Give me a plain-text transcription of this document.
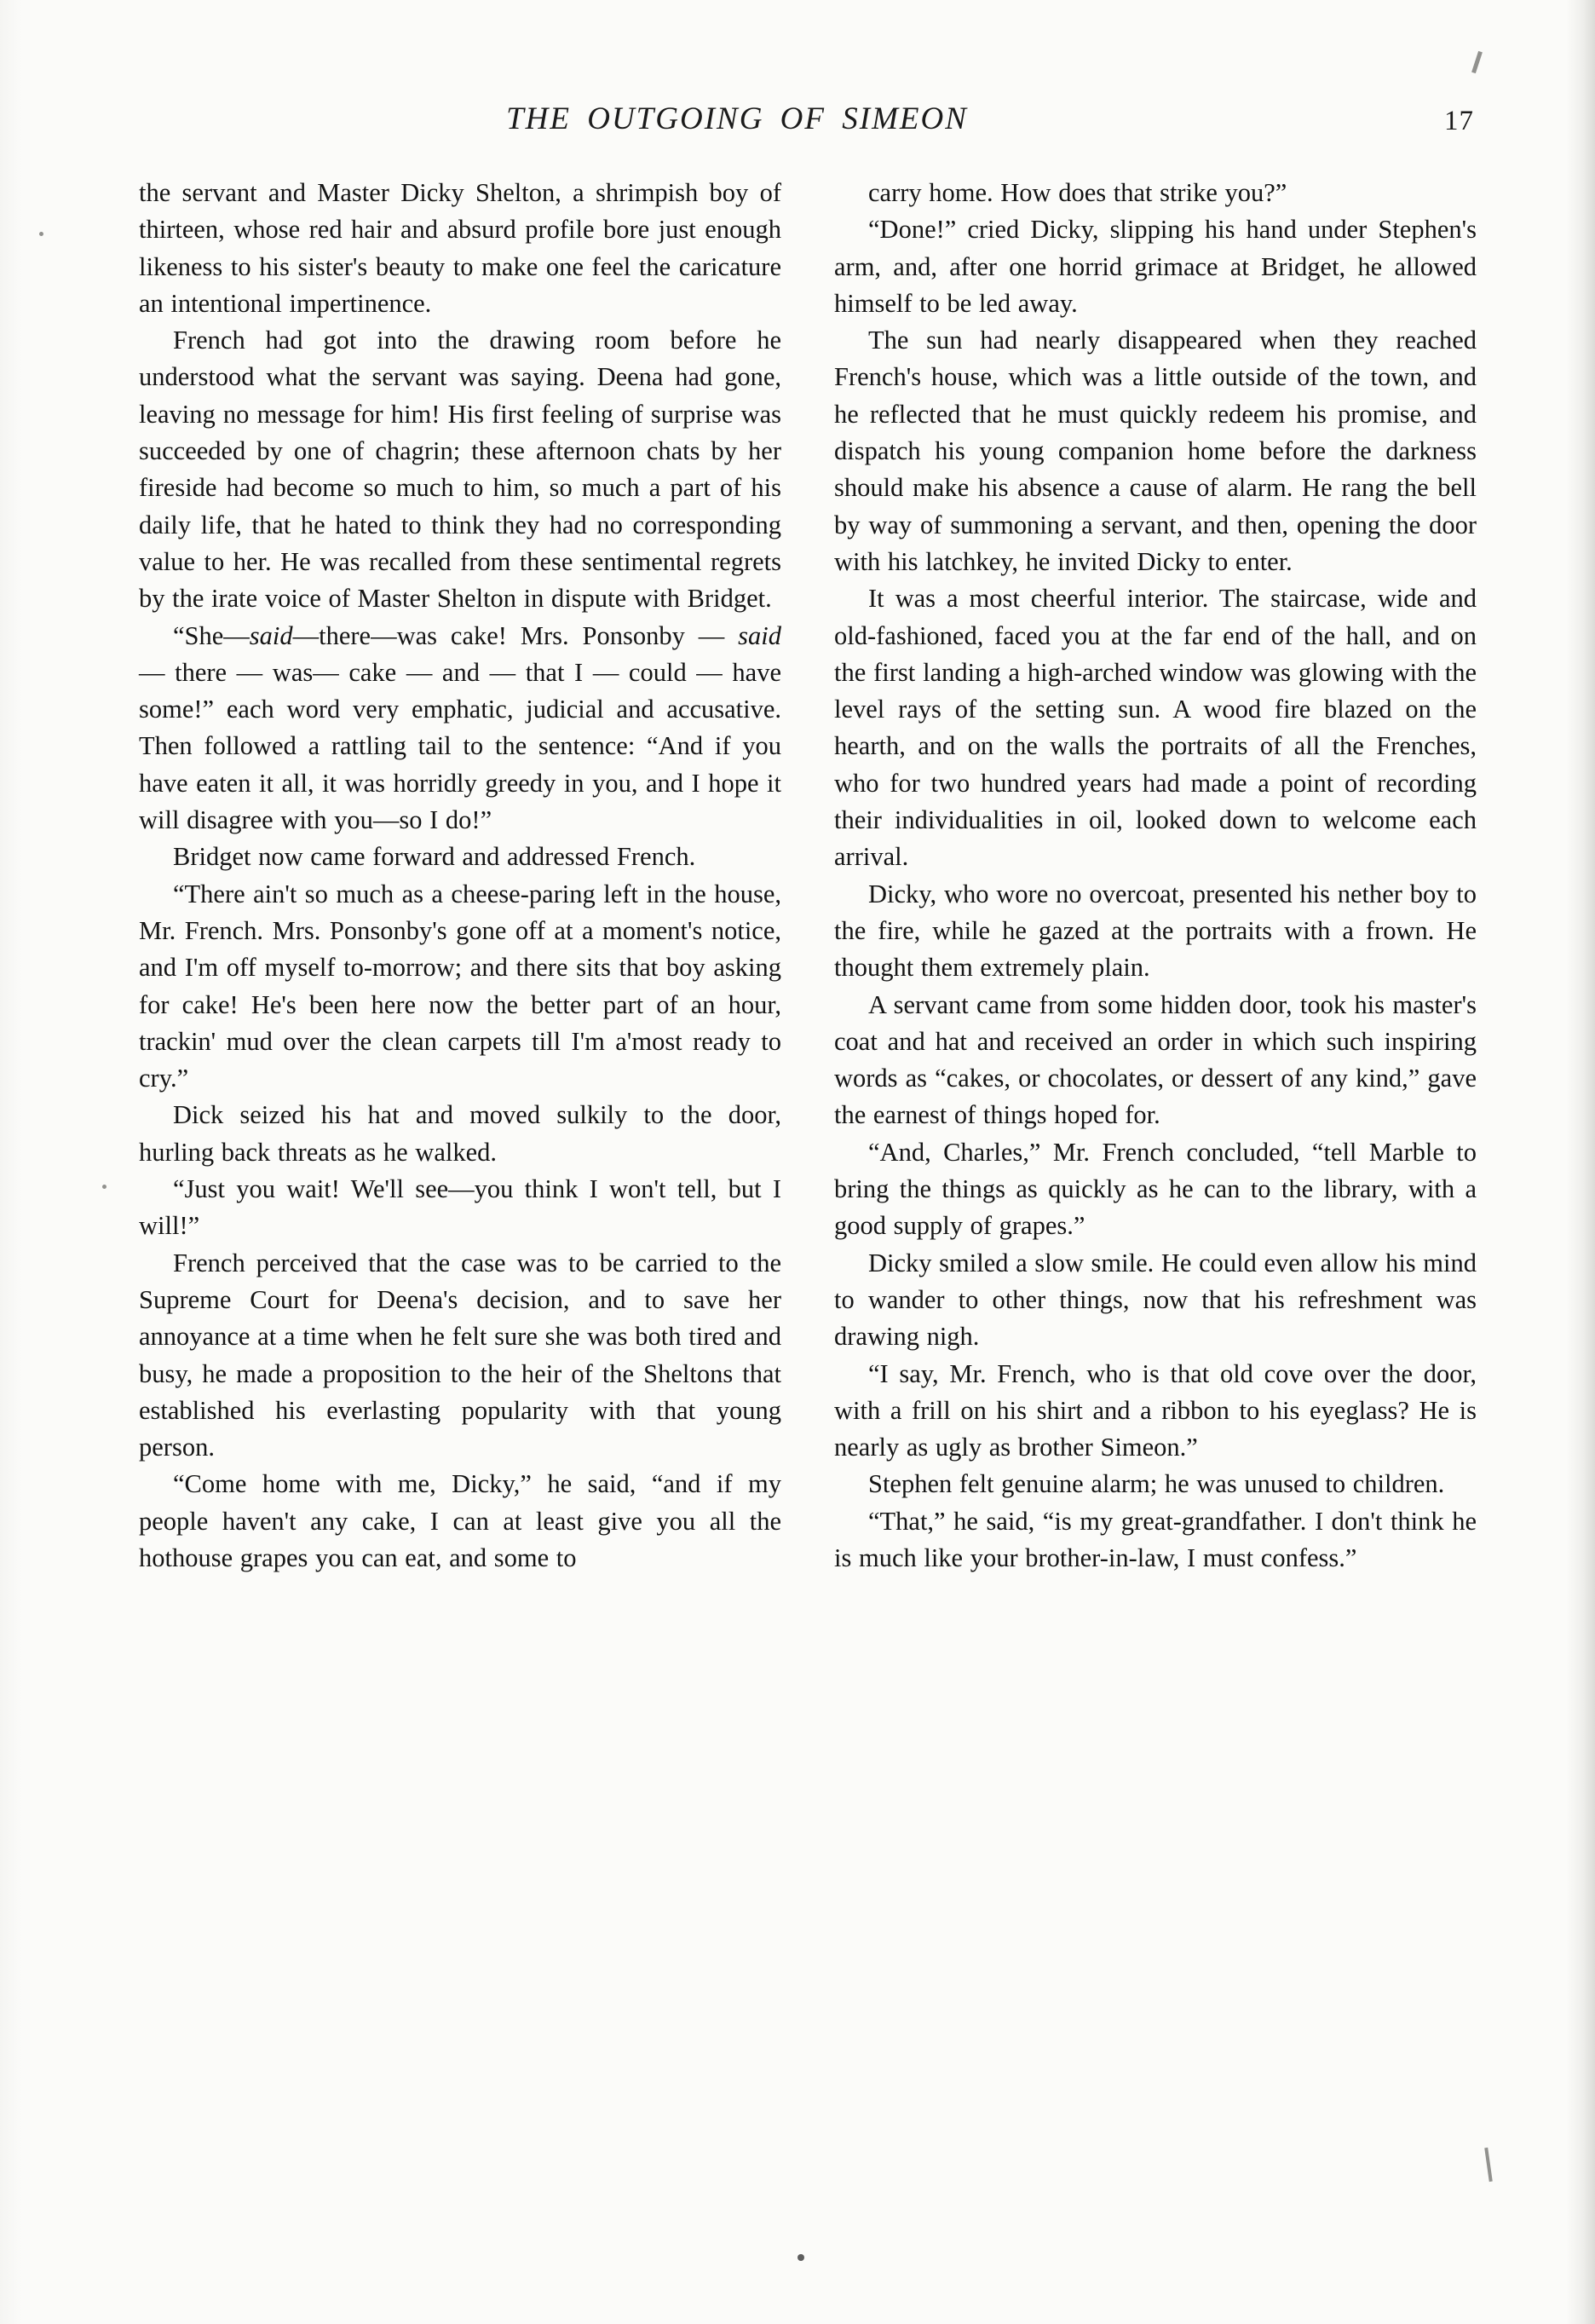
THE OUTGOING OF SIMEON	17

the servant and Master Dicky Shelton, a shrimpish boy of thirteen, whose red hair and absurd profile bore just enough likeness to his sister's beauty to make one feel the caricature an intentional impertinence.

French had got into the drawing room before he understood what the servant was saying. Deena had gone, leaving no message for him! His first feeling of surprise was succeeded by one of chagrin; these afternoon chats by her fireside had become so much to him, so much a part of his daily life, that he hated to think they had no corresponding value to her. He was recalled from these sentimental regrets by the irate voice of Master Shelton in dispute with Bridget.

“She—said—there—was cake! Mrs. Ponsonby — said — there — was— cake — and — that I — could — have some!” each word very emphatic, judicial and accusative. Then followed a rattling tail to the sentence: “And if you have eaten it all, it was horridly greedy in you, and I hope it will disagree with you—so I do!”

Bridget now came forward and addressed French.

“There ain't so much as a cheese-paring left in the house, Mr. French. Mrs. Ponsonby's gone off at a moment's notice, and I'm off myself to-morrow; and there sits that boy asking for cake! He's been here now the better part of an hour, trackin' mud over the clean carpets till I'm a'most ready to cry.”

Dick seized his hat and moved sulkily to the door, hurling back threats as he walked.

“Just you wait! We'll see—you think I won't tell, but I will!”

French perceived that the case was to be carried to the Supreme Court for Deena's decision, and to save her annoyance at a time when he felt sure she was both tired and busy, he made a proposition to the heir of the Sheltons that established his everlasting popularity with that young person.

“Come home with me, Dicky,” he said, “and if my people haven't any cake, I can at least give you all the hothouse grapes you can eat, and some to

carry home. How does that strike you?”

“Done!” cried Dicky, slipping his hand under Stephen's arm, and, after one horrid grimace at Bridget, he allowed himself to be led away.

The sun had nearly disappeared when they reached French's house, which was a little outside of the town, and he reflected that he must quickly redeem his promise, and dispatch his young companion home before the darkness should make his absence a cause of alarm. He rang the bell by way of summoning a servant, and then, opening the door with his latchkey, he invited Dicky to enter.

It was a most cheerful interior. The staircase, wide and old-fashioned, faced you at the far end of the hall, and on the first landing a high-arched window was glowing with the level rays of the setting sun. A wood fire blazed on the hearth, and on the walls the portraits of all the Frenches, who for two hundred years had made a point of recording their individualities in oil, looked down to welcome each arrival.

Dicky, who wore no overcoat, presented his nether boy to the fire, while he gazed at the portraits with a frown. He thought them extremely plain.

A servant came from some hidden door, took his master's coat and hat and received an order in which such inspiring words as “cakes, or chocolates, or dessert of any kind,” gave the earnest of things hoped for.

“And, Charles,” Mr. French concluded, “tell Marble to bring the things as quickly as he can to the library, with a good supply of grapes.”

Dicky smiled a slow smile. He could even allow his mind to wander to other things, now that his refreshment was drawing nigh.

“I say, Mr. French, who is that old cove over the door, with a frill on his shirt and a ribbon to his eyeglass? He is nearly as ugly as brother Simeon.”

Stephen felt genuine alarm; he was unused to children.

“That,” he said, “is my great-grandfather. I don't think he is much like your brother-in-law, I must confess.”
